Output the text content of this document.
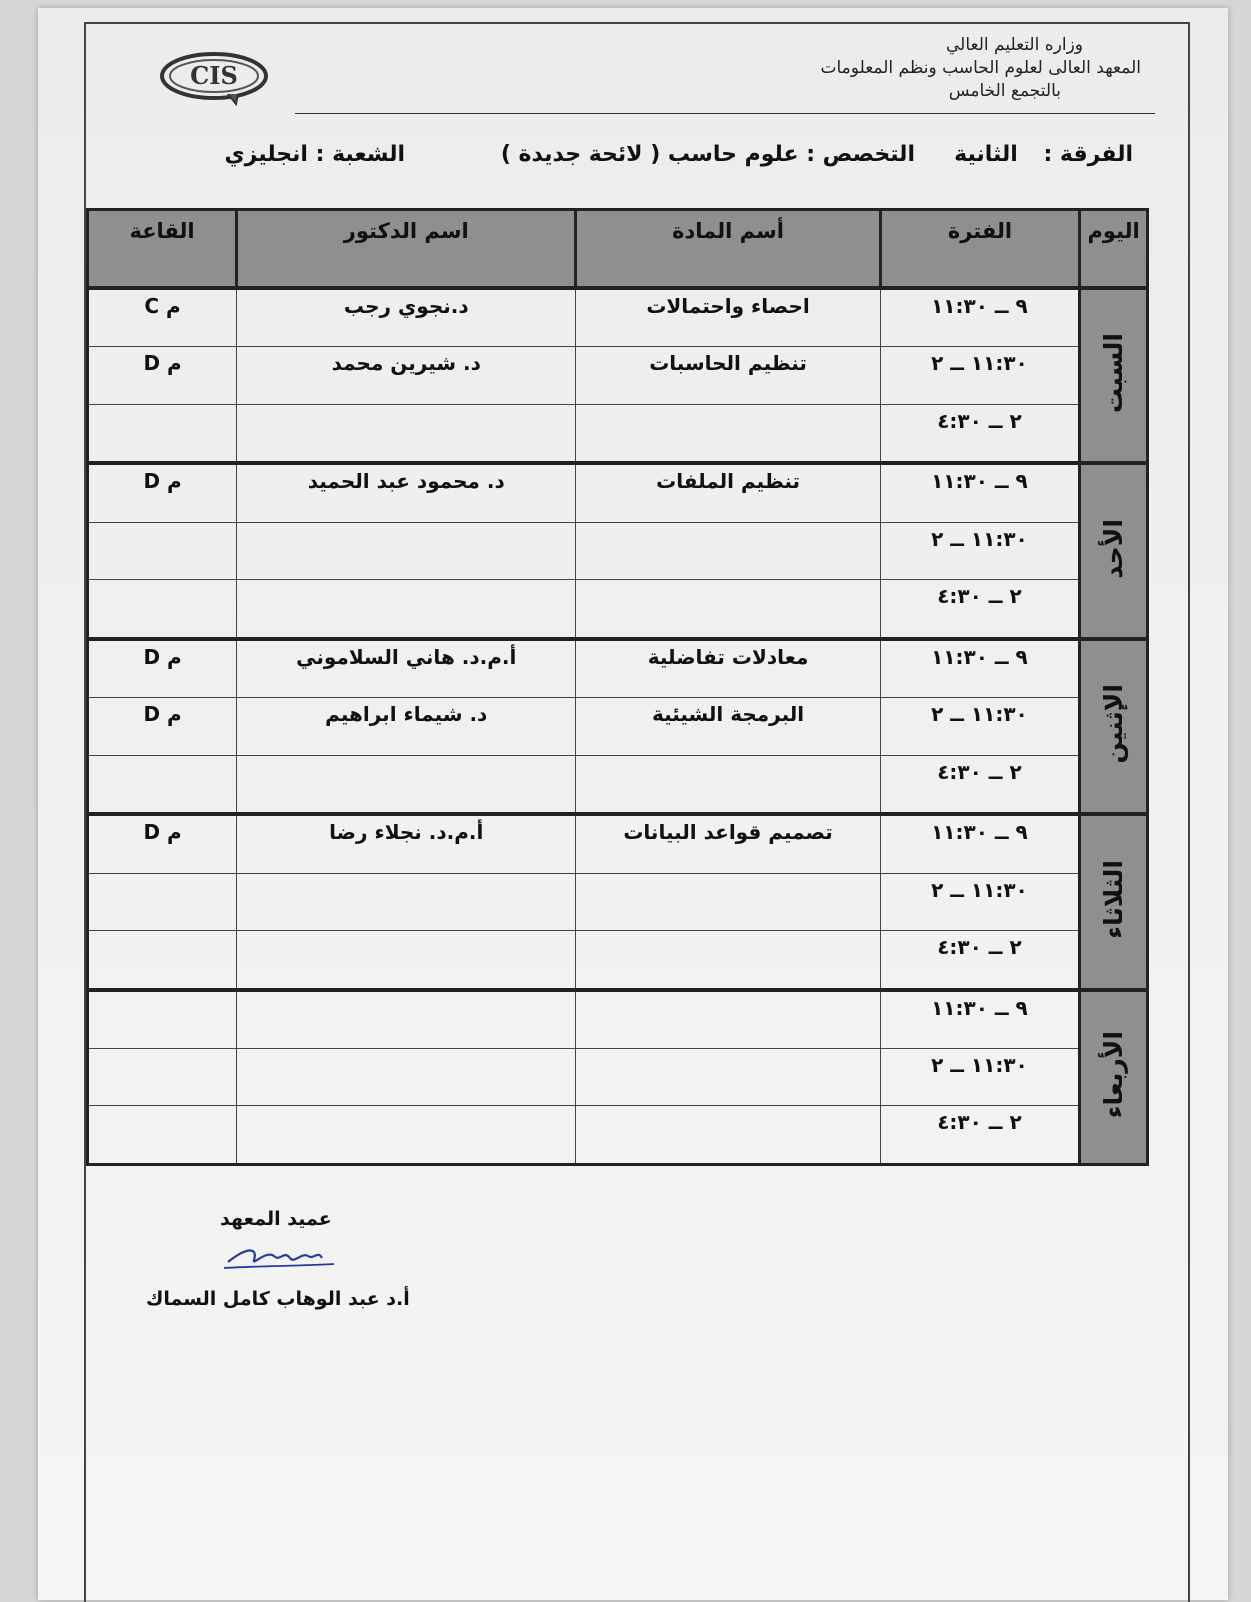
CIS
وزاره التعليم العالي
المعهد العالى لعلوم الحاسب ونظم المعلومات
بالتجمع الخامس
الفرقة : الثانية
التخصص : علوم حاسب ( لائحة جديدة )
الشعبة : انجليزي
اليوم	الفترة	أسم المادة	اسم الدكتور	القاعة
السبت	٩ ــ ١١:٣٠	احصاء واحتمالات	د.نجوي رجب	م C
	١١:٣٠ ــ ٢	تنظيم الحاسبات	د. شيرين محمد	م D
	٢ ــ ٤:٣٠			
الأحد	٩ ــ ١١:٣٠	تنظيم الملفات	د. محمود عبد الحميد	م D
	١١:٣٠ ــ ٢			
	٢ ــ ٤:٣٠			
الإثنين	٩ ــ ١١:٣٠	معادلات تفاضلية	أ.م.د. هاني السلاموني	م D
	١١:٣٠ ــ ٢	البرمجة الشيئية	د. شيماء ابراهيم	م D
	٢ ــ ٤:٣٠			
الثلاثاء	٩ ــ ١١:٣٠	تصميم قواعد البيانات	أ.م.د. نجلاء رضا	م D
	١١:٣٠ ــ ٢			
	٢ ــ ٤:٣٠			
الأربعاء	٩ ــ ١١:٣٠			
	١١:٣٠ ــ ٢			
	٢ ــ ٤:٣٠			
عميد المعهد
أ.د عبد الوهاب كامل السماك
